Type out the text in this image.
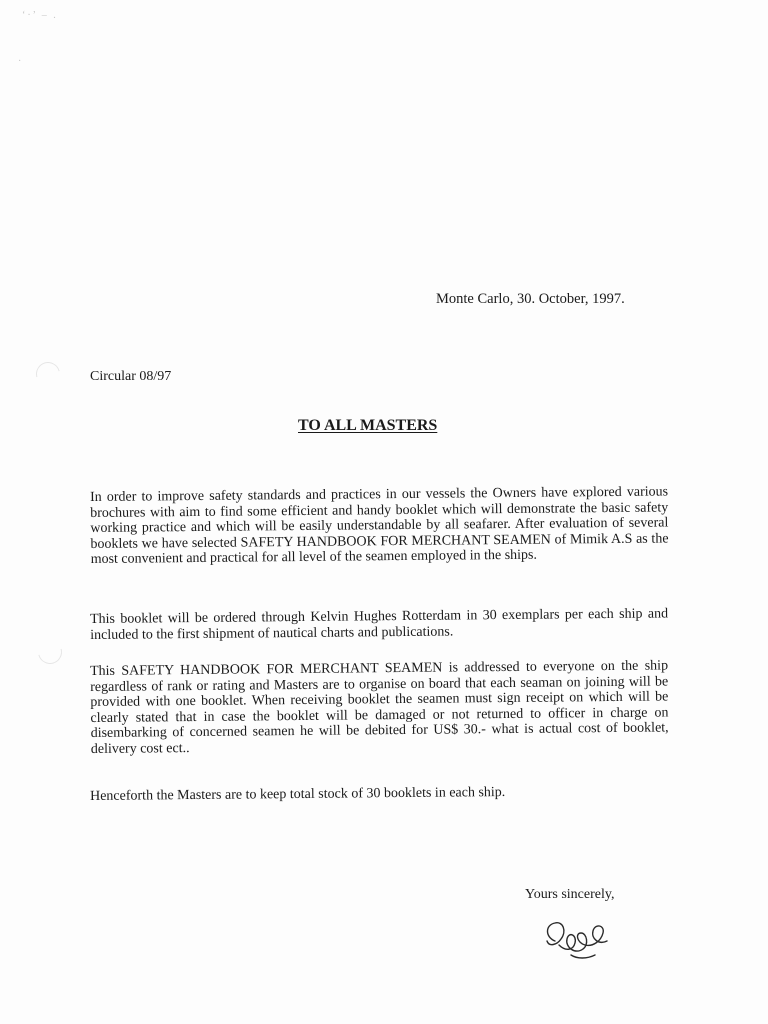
‘·’ – .
·
Monte Carlo, 30. October, 1997.
Circular 08/97
TO ALL MASTERS

In order to improve safety standards and practices in our vessels the Owners have explored various brochures with aim to find some efficient and handy booklet which will demonstrate the basic safety working practice and which will be easily understandable by all seafarer. After evaluation of several booklets we have selected SAFETY HANDBOOK FOR MERCHANT SEAMEN of Mimik A.S as the most convenient and practical for all level of the seamen employed in the ships.

This booklet will be ordered through Kelvin Hughes Rotterdam in 30 exemplars per each ship and included to the first shipment of nautical charts and publications.

This SAFETY HANDBOOK FOR MERCHANT SEAMEN is addressed to everyone on the ship regardless of rank or rating and Masters are to organise on board that each seaman on joining will be provided with one booklet. When receiving booklet the seamen must sign receipt on which will be clearly stated that in case the booklet will be damaged or not returned to officer in charge on disembarking of concerned seamen he will be debited for US$ 30.- what is actual cost of booklet, delivery cost ect..

Henceforth the Masters are to keep total stock of 30 booklets in each ship.

Yours sincerely,
